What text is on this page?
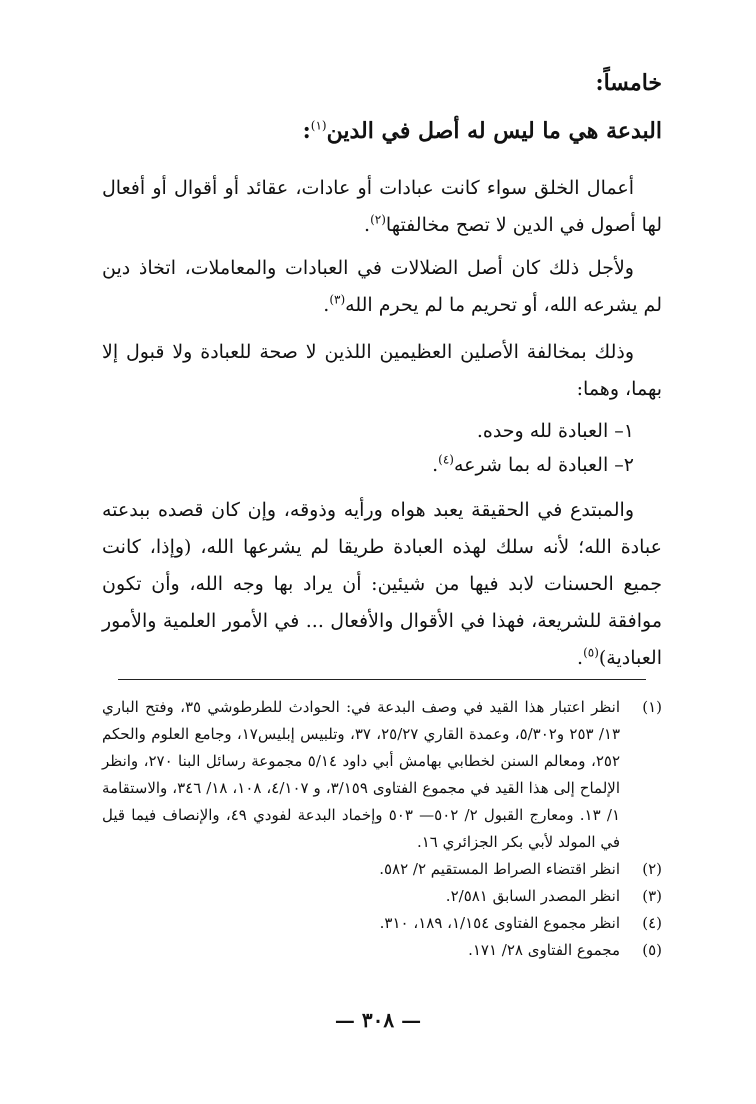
خامساً:
البدعة هي ما ليس له أصل في الدين$^{(١)}$:

أعمال الخلق سواء كانت عبادات أو عادات، عقائد أو أقوال أو أفعال لها أصول في الدين لا تصح مخالفتها$^{(٢)}$.

ولأجل ذلك كان أصل الضلالات في العبادات والمعاملات، اتخاذ دين لم يشرعه الله، أو تحريم ما لم يحرم الله$^{(٣)}$.

وذلك بمخالفة الأصلين العظيمين اللذين لا صحة للعبادة ولا قبول إلا بهما، وهما:

١– العبادة لله وحده.
٢– العبادة له بما شرعه$^{(٤)}$.

والمبتدع في الحقيقة يعبد هواه ورأيه وذوقه، وإن كان قصده ببدعته عبادة الله؛ لأنه سلك لهذه العبادة طريقا لم يشرعها الله، (وإذا، كانت جميع الحسنات لابد فيها من شيئين: أن يراد بها وجه الله، وأن تكون موافقة للشريعة، فهذا في الأقوال والأفعال ... في الأمور العلمية والأمور العبادية)$^{(٥)}$.

(١)
انظر اعتبار هذا القيد في وصف البدعة في: الحوادث للطرطوشي ٣٥، وفتح الباري ١٣/ ٢٥٣ و٥/٣٠٢، وعمدة القاري ٢٥/٢٧، ٣٧، وتلبيس إبليس١٧، وجامع العلوم والحكم ٢٥٢، ومعالم السنن لخطابي بهامش أبي داود ٥/١٤ مجموعة رسائل البنا ٢٧٠، وانظر الإلماح إلى هذا القيد في مجموع الفتاوى ٣/١٥٩، و ٤/١٠٧، ١٠٨، ١٨/ ٣٤٦، والاستقامة ١/ ١٣. ومعارج القبول ٢/ ٥٠٢— ٥٠٣ وإخماد البدعة لفودي ٤٩، والإنصاف فيما قيل في المولد لأبي بكر الجزائري ١٦.
(٢)
انظر اقتضاء الصراط المستقيم ٢/ ٥٨٢.
(٣)
انظر المصدر السابق ٢/٥٨١.
(٤)
انظر مجموع الفتاوى ١/١٥٤، ١٨٩، ٣١٠.
(٥)
مجموع الفتاوى ٢٨/ ١٧١.
— ٣٠٨ —
